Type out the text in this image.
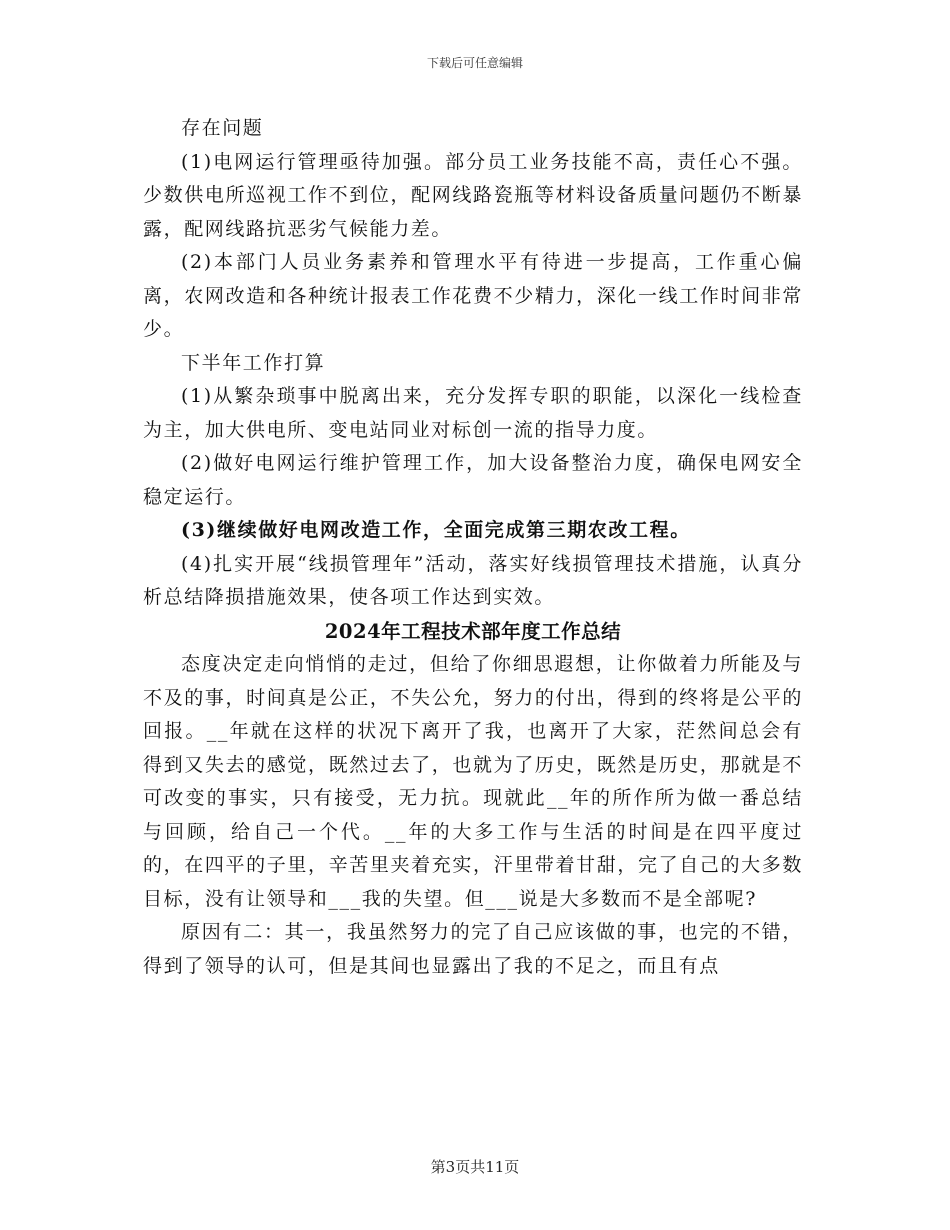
下载后可任意编辑

存在问题

(1)电网运行管理亟待加强。部分员工业务技能不高，责任心不强。少数供电所巡视工作不到位，配网线路瓷瓶等材料设备质量问题仍不断暴露，配网线路抗恶劣气候能力差。

(2)本部门人员业务素养和管理水平有待进一步提高，工作重心偏离，农网改造和各种统计报表工作花费不少精力，深化一线工作时间非常少。

下半年工作打算

(1)从繁杂琐事中脱离出来，充分发挥专职的职能，以深化一线检查为主，加大供电所、变电站同业对标创一流的指导力度。

(2)做好电网运行维护管理工作，加大设备整治力度，确保电网安全稳定运行。

(3)继续做好电网改造工作，全面完成第三期农改工程。

(4)扎实开展“线损管理年”活动，落实好线损管理技术措施，认真分析总结降损措施效果，使各项工作达到实效。

2024年工程技术部年度工作总结

态度决定走向悄悄的走过，但给了你细思遐想，让你做着力所能及与不及的事，时间真是公正，不失公允，努力的付出，得到的终将是公平的回报。__年就在这样的状况下离开了我，也离开了大家，茫然间总会有得到又失去的感觉，既然过去了，也就为了历史，既然是历史，那就是不可改变的事实，只有接受，无力抗。现就此__年的所作所为做一番总结与回顾，给自己一个代。__年的大多工作与生活的时间是在四平度过的，在四平的子里，辛苦里夹着充实，汗里带着甘甜，完了自己的大多数目标，没有让领导和___我的失望。但___说是大多数而不是全部呢?

原因有二：其一，我虽然努力的完了自己应该做的事，也完的不错，得到了领导的认可，但是其间也显露出了我的不足之，而且有点

第3页共11页
